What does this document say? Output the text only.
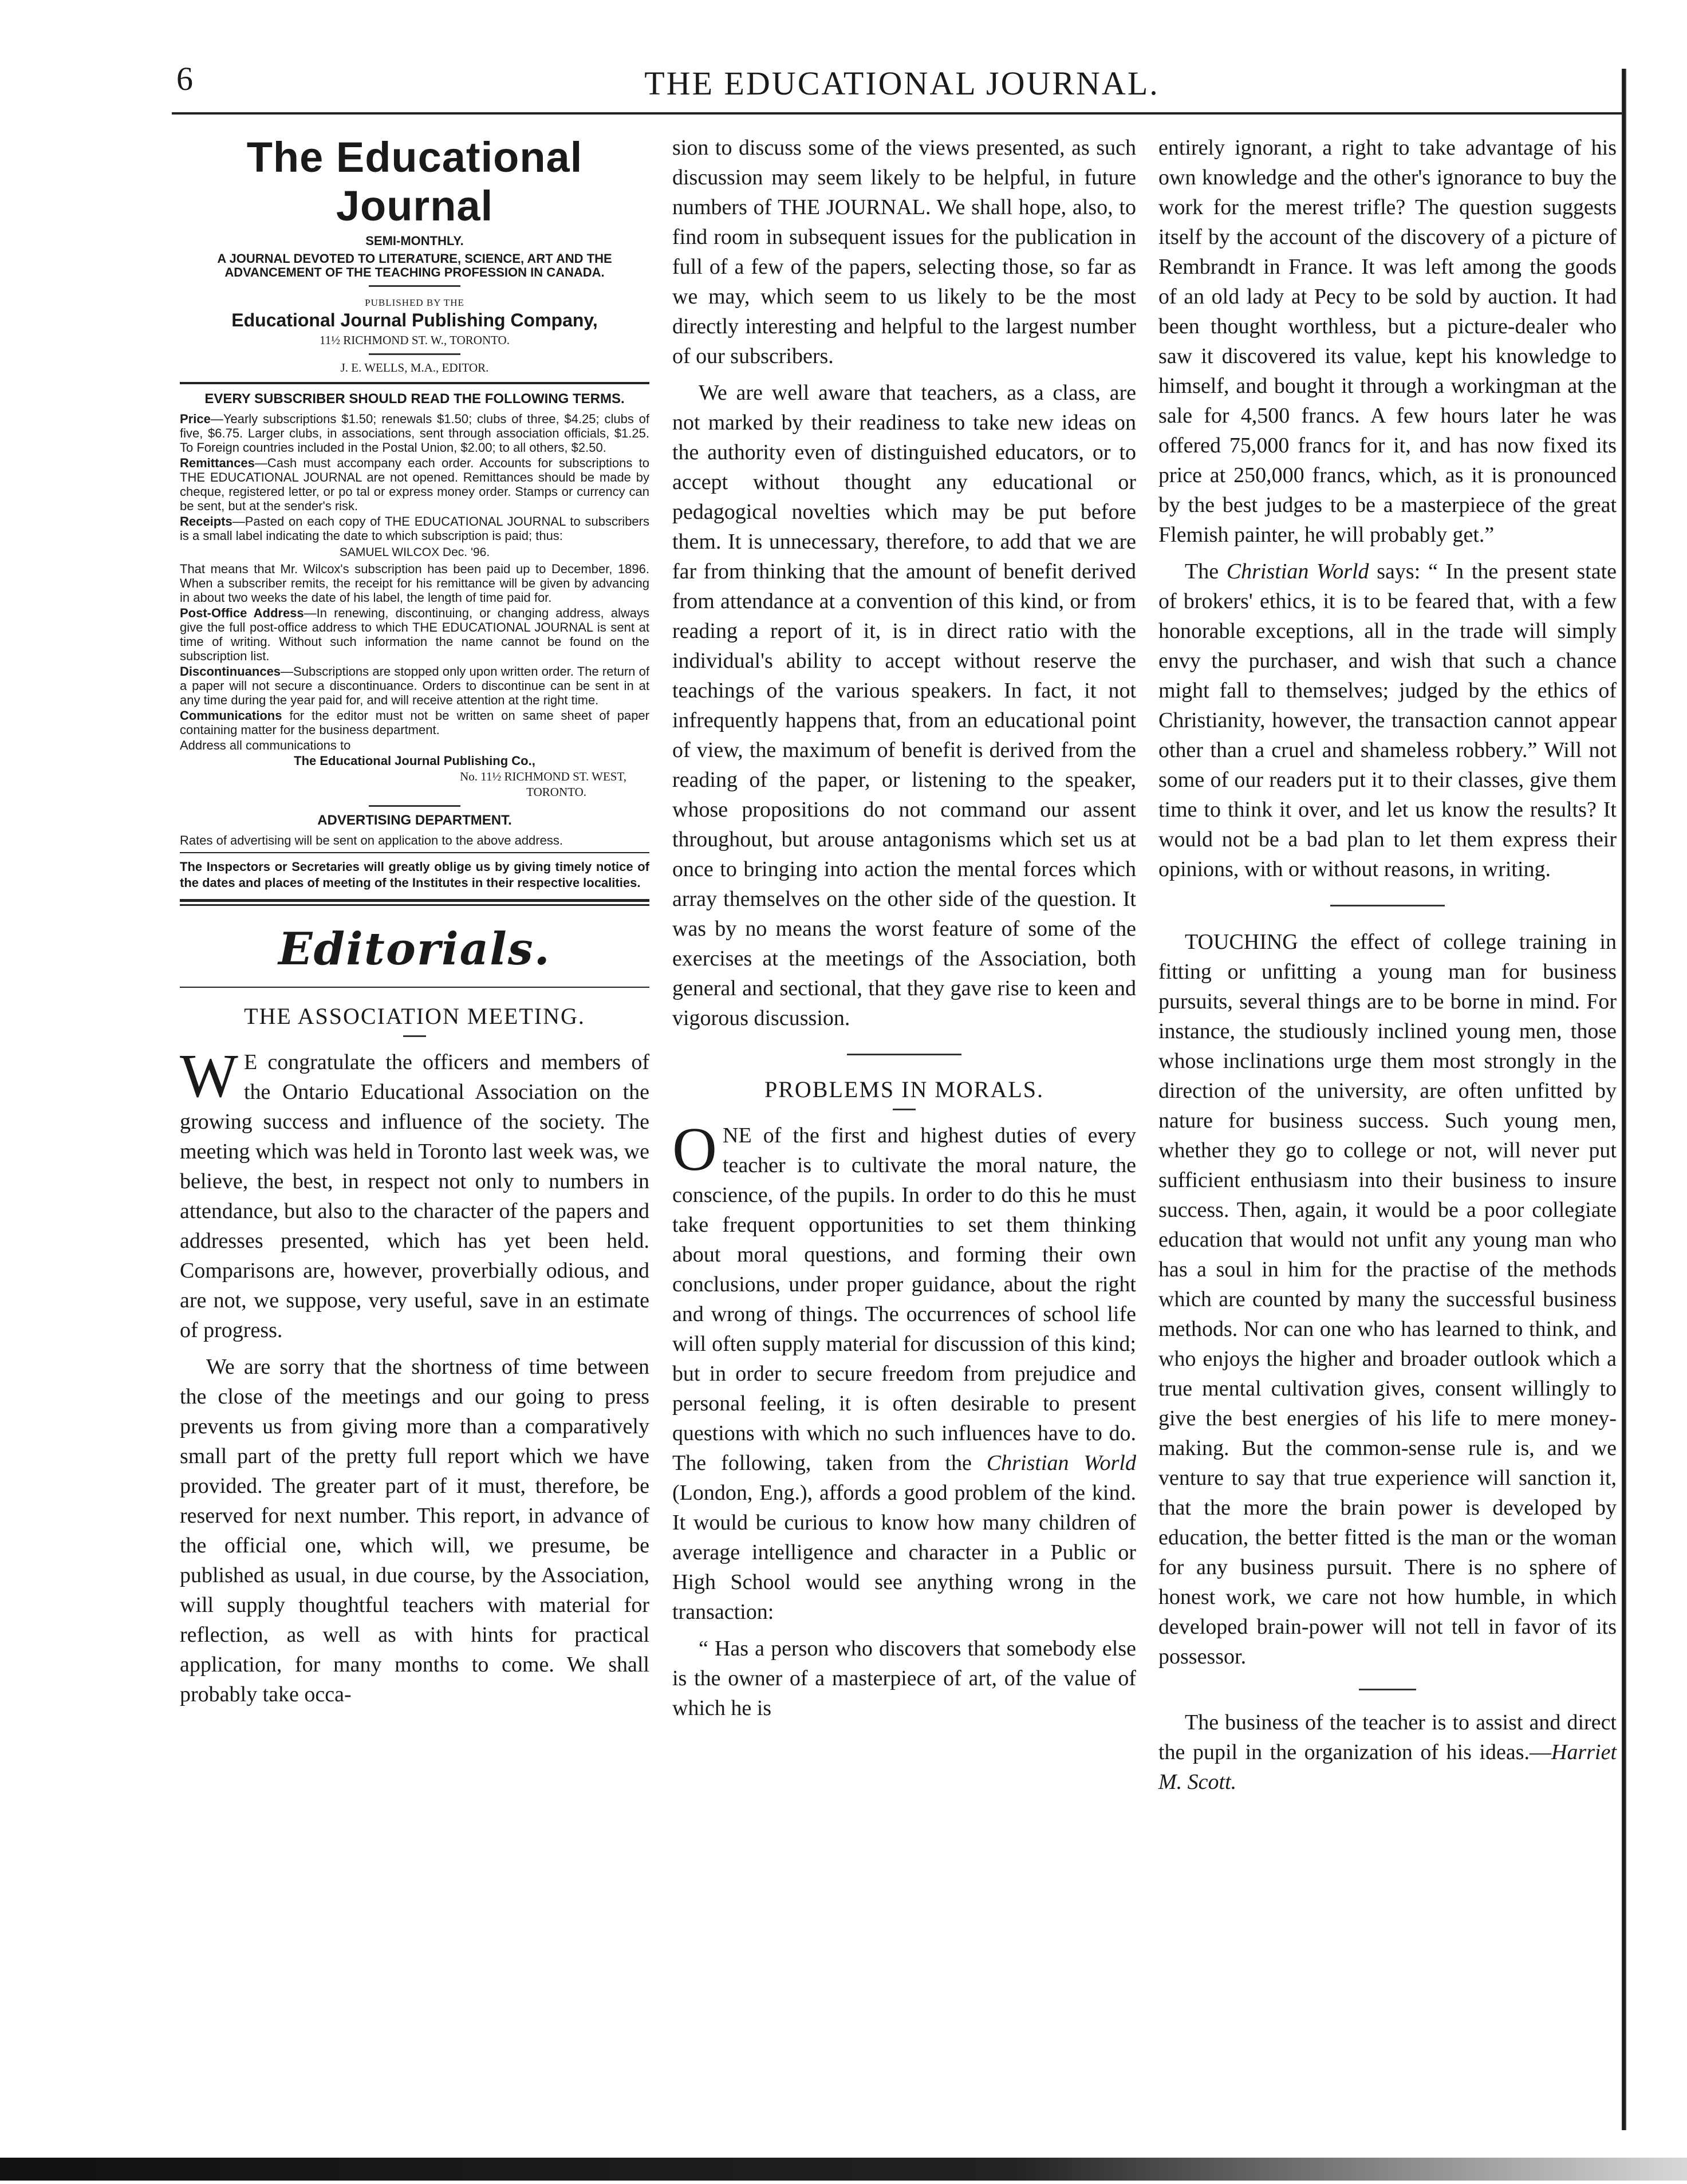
6	THE EDUCATIONAL JOURNAL.
The Educational Journal
SEMI-MONTHLY.
A JOURNAL DEVOTED TO LITERATURE, SCIENCE, ART AND THE ADVANCEMENT OF THE TEACHING PROFESSION IN CANADA.
PUBLISHED BY THE
Educational Journal Publishing Company,
11½ RICHMOND ST. W., TORONTO.
J. E. WELLS, M.A., EDITOR.
EVERY SUBSCRIBER SHOULD READ THE FOLLOWING TERMS.
Price—Yearly subscriptions $1.50; renewals $1.50; clubs of three, $4.25; clubs of five, $6.75. Larger clubs, in associations, sent through association officials, $1.25. To Foreign countries included in the Postal Union, $2.00; to all others, $2.50.
Remittances—Cash must accompany each order. Accounts for subscriptions to THE EDUCATIONAL JOURNAL are not opened. Remittances should be made by cheque, registered letter, or po tal or express money order. Stamps or currency can be sent, but at the sender's risk.
Receipts—Pasted on each copy of THE EDUCATIONAL JOURNAL to subscribers is a small label indicating the date to which subscription is paid; thus:
SAMUEL WILCOX Dec. '96.
That means that Mr. Wilcox's subscription has been paid up to December, 1896. When a subscriber remits, the receipt for his remittance will be given by advancing in about two weeks the date of his label, the length of time paid for.
Post-Office Address—In renewing, discontinuing, or changing address, always give the full post-office address to which THE EDUCATIONAL JOURNAL is sent at time of writing. Without such information the name cannot be found on the subscription list.
Discontinuances—Subscriptions are stopped only upon written order. The return of a paper will not secure a discontinuance. Orders to discontinue can be sent in at any time during the year paid for, and will receive attention at the right time.
Communications for the editor must not be written on same sheet of paper containing matter for the business department.
Address all communications to
The Educational Journal Publishing Co.,
No. 11½ RICHMOND ST. WEST,
TORONTO.
ADVERTISING DEPARTMENT.
Rates of advertising will be sent on application to the above address.
The Inspectors or Secretaries will greatly oblige us by giving timely notice of the dates and places of meeting of the Institutes in their respective localities.
Editorials.
THE ASSOCIATION MEETING.

W E congratulate the officers and members of the Ontario Educational Association on the growing success and influence of the society. The meeting which was held in Toronto last week was, we believe, the best, in respect not only to numbers in attendance, but also to the character of the papers and addresses presented, which has yet been held. Comparisons are, however, proverbially odious, and are not, we suppose, very useful, save in an estimate of progress.

We are sorry that the shortness of time between the close of the meetings and our going to press prevents us from giving more than a comparatively small part of the pretty full report which we have provided. The greater part of it must, therefore, be reserved for next number. This report, in advance of the official one, which will, we presume, be published as usual, in due course, by the Association, will supply thoughtful teachers with material for reflection, as well as with hints for practical application, for many months to come. We shall probably take occa-

sion to discuss some of the views presented, as such discussion may seem likely to be helpful, in future numbers of THE JOURNAL. We shall hope, also, to find room in subsequent issues for the publication in full of a few of the papers, selecting those, so far as we may, which seem to us likely to be the most directly interesting and helpful to the largest number of our subscribers.

We are well aware that teachers, as a class, are not marked by their readiness to take new ideas on the authority even of distinguished educators, or to accept without thought any educational or pedagogical novelties which may be put before them. It is unnecessary, therefore, to add that we are far from thinking that the amount of benefit derived from attendance at a convention of this kind, or from reading a report of it, is in direct ratio with the individual's ability to accept without reserve the teachings of the various speakers. In fact, it not infrequently happens that, from an educational point of view, the maximum of benefit is derived from the reading of the paper, or listening to the speaker, whose propositions do not command our assent throughout, but arouse antagonisms which set us at once to bringing into action the mental forces which array themselves on the other side of the question. It was by no means the worst feature of some of the exercises at the meetings of the Association, both general and sectional, that they gave rise to keen and vigorous discussion.

PROBLEMS IN MORALS.

ONE of the first and highest duties of every teacher is to cultivate the moral nature, the conscience, of the pupils. In order to do this he must take frequent opportunities to set them thinking about moral questions, and forming their own conclusions, under proper guidance, about the right and wrong of things. The occurrences of school life will often supply material for discussion of this kind; but in order to secure freedom from prejudice and personal feeling, it is often desirable to present questions with which no such influences have to do. The following, taken from the Christian World (London, Eng.), affords a good problem of the kind. It would be curious to know how many children of average intelligence and character in a Public or High School would see anything wrong in the transaction:

“ Has a person who discovers that somebody else is the owner of a masterpiece of art, of the value of which he is

entirely ignorant, a right to take advantage of his own knowledge and the other's ignorance to buy the work for the merest trifle? The question suggests itself by the account of the discovery of a picture of Rembrandt in France. It was left among the goods of an old lady at Pecy to be sold by auction. It had been thought worthless, but a picture-dealer who saw it discovered its value, kept his knowledge to himself, and bought it through a workingman at the sale for 4,500 francs. A few hours later he was offered 75,000 francs for it, and has now fixed its price at 250,000 francs, which, as it is pronounced by the best judges to be a masterpiece of the great Flemish painter, he will probably get.”

The Christian World says: “ In the present state of brokers' ethics, it is to be feared that, with a few honorable exceptions, all in the trade will simply envy the purchaser, and wish that such a chance might fall to themselves; judged by the ethics of Christianity, however, the transaction cannot appear other than a cruel and shameless robbery.” Will not some of our readers put it to their classes, give them time to think it over, and let us know the results? It would not be a bad plan to let them express their opinions, with or without reasons, in writing.

TOUCHING the effect of college training in fitting or unfitting a young man for business pursuits, several things are to be borne in mind. For instance, the studiously inclined young men, those whose inclinations urge them most strongly in the direction of the university, are often unfitted by nature for business success. Such young men, whether they go to college or not, will never put sufficient enthusiasm into their business to insure success. Then, again, it would be a poor collegiate education that would not unfit any young man who has a soul in him for the practise of the methods which are counted by many the successful business methods. Nor can one who has learned to think, and who enjoys the higher and broader outlook which a true mental cultivation gives, consent willingly to give the best energies of his life to mere money-making. But the common-sense rule is, and we venture to say that true experience will sanction it, that the more the brain power is developed by education, the better fitted is the man or the woman for any business pursuit. There is no sphere of honest work, we care not how humble, in which developed brain-power will not tell in favor of its possessor.

The business of the teacher is to assist and direct the pupil in the organization of his ideas.—Harriet M. Scott.
